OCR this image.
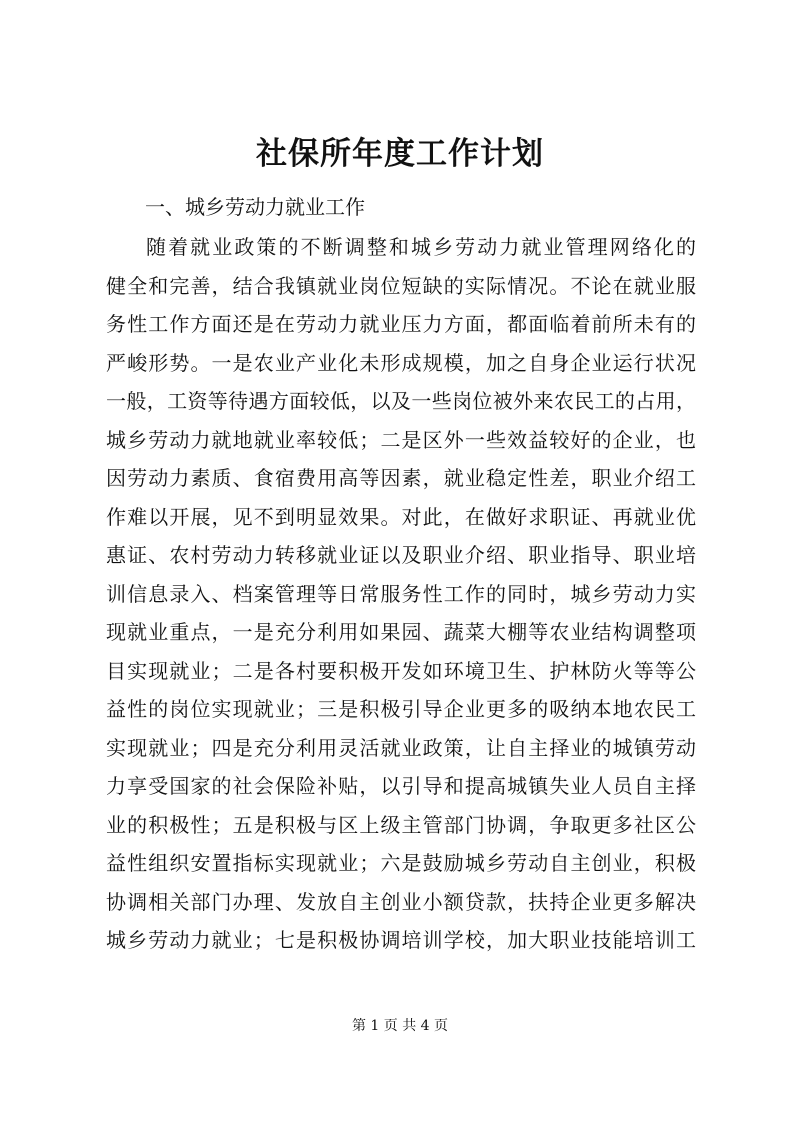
社保所年度工作计划
一、城乡劳动力就业工作
随着就业政策的不断调整和城乡劳动力就业管理网络化的
健全和完善，结合我镇就业岗位短缺的实际情况。不论在就业服
务性工作方面还是在劳动力就业压力方面，都面临着前所未有的
严峻形势。一是农业产业化未形成规模，加之自身企业运行状况
一般，工资等待遇方面较低，以及一些岗位被外来农民工的占用，
城乡劳动力就地就业率较低；二是区外一些效益较好的企业，也
因劳动力素质、食宿费用高等因素，就业稳定性差，职业介绍工
作难以开展，见不到明显效果。对此，在做好求职证、再就业优
惠证、农村劳动力转移就业证以及职业介绍、职业指导、职业培
训信息录入、档案管理等日常服务性工作的同时，城乡劳动力实
现就业重点，一是充分利用如果园、蔬菜大棚等农业结构调整项
目实现就业；二是各村要积极开发如环境卫生、护林防火等等公
益性的岗位实现就业；三是积极引导企业更多的吸纳本地农民工
实现就业；四是充分利用灵活就业政策，让自主择业的城镇劳动
力享受国家的社会保险补贴，以引导和提高城镇失业人员自主择
业的积极性；五是积极与区上级主管部门协调，争取更多社区公
益性组织安置指标实现就业；六是鼓励城乡劳动自主创业，积极
协调相关部门办理、发放自主创业小额贷款，扶持企业更多解决
城乡劳动力就业；七是积极协调培训学校，加大职业技能培训工
第 1 页 共 4 页
